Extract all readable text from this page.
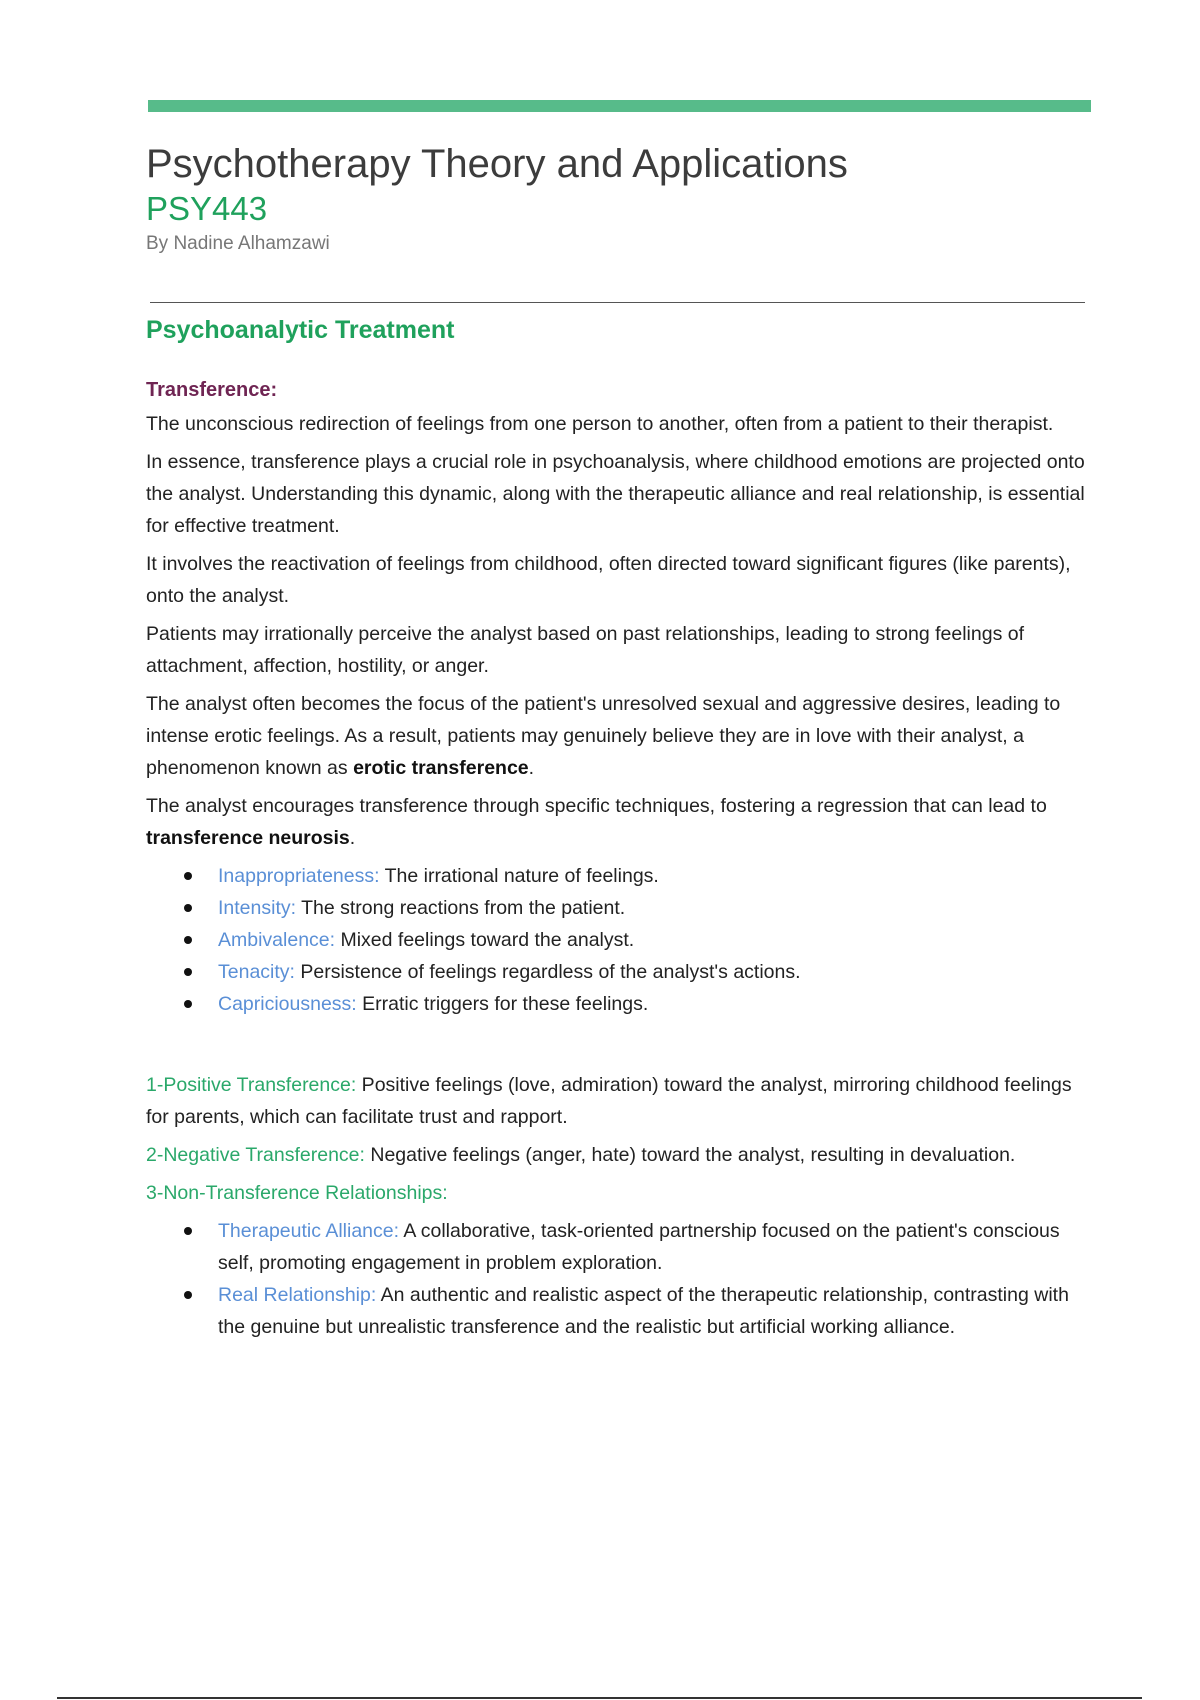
Psychotherapy Theory and Applications
PSY443
By Nadine Alhamzawi
Psychoanalytic Treatment
Transference:

The unconscious redirection of feelings from one person to another, often from a patient to their therapist.

In essence, transference plays a crucial role in psychoanalysis, where childhood emotions are projected onto the analyst. Understanding this dynamic, along with the therapeutic alliance and real relationship, is essential for effective treatment.

It involves the reactivation of feelings from childhood, often directed toward significant figures (like parents), onto the analyst.

Patients may irrationally perceive the analyst based on past relationships, leading to strong feelings of attachment, affection, hostility, or anger.

The analyst often becomes the focus of the patient's unresolved sexual and aggressive desires, leading to intense erotic feelings. As a result, patients may genuinely believe they are in love with their analyst, a phenomenon known as erotic transference.

The analyst encourages transference through specific techniques, fostering a regression that can lead to transference neurosis.

Inappropriateness: The irrational nature of feelings.
Intensity: The strong reactions from the patient.
Ambivalence: Mixed feelings toward the analyst.
Tenacity: Persistence of feelings regardless of the analyst's actions.
Capriciousness: Erratic triggers for these feelings.

1-Positive Transference: Positive feelings (love, admiration) toward the analyst, mirroring childhood feelings for parents, which can facilitate trust and rapport.

2-Negative Transference: Negative feelings (anger, hate) toward the analyst, resulting in devaluation.

3-Non-Transference Relationships:

Therapeutic Alliance: A collaborative, task-oriented partnership focused on the patient's conscious self, promoting engagement in problem exploration.
Real Relationship: An authentic and realistic aspect of the therapeutic relationship, contrasting with the genuine but unrealistic transference and the realistic but artificial working alliance.
